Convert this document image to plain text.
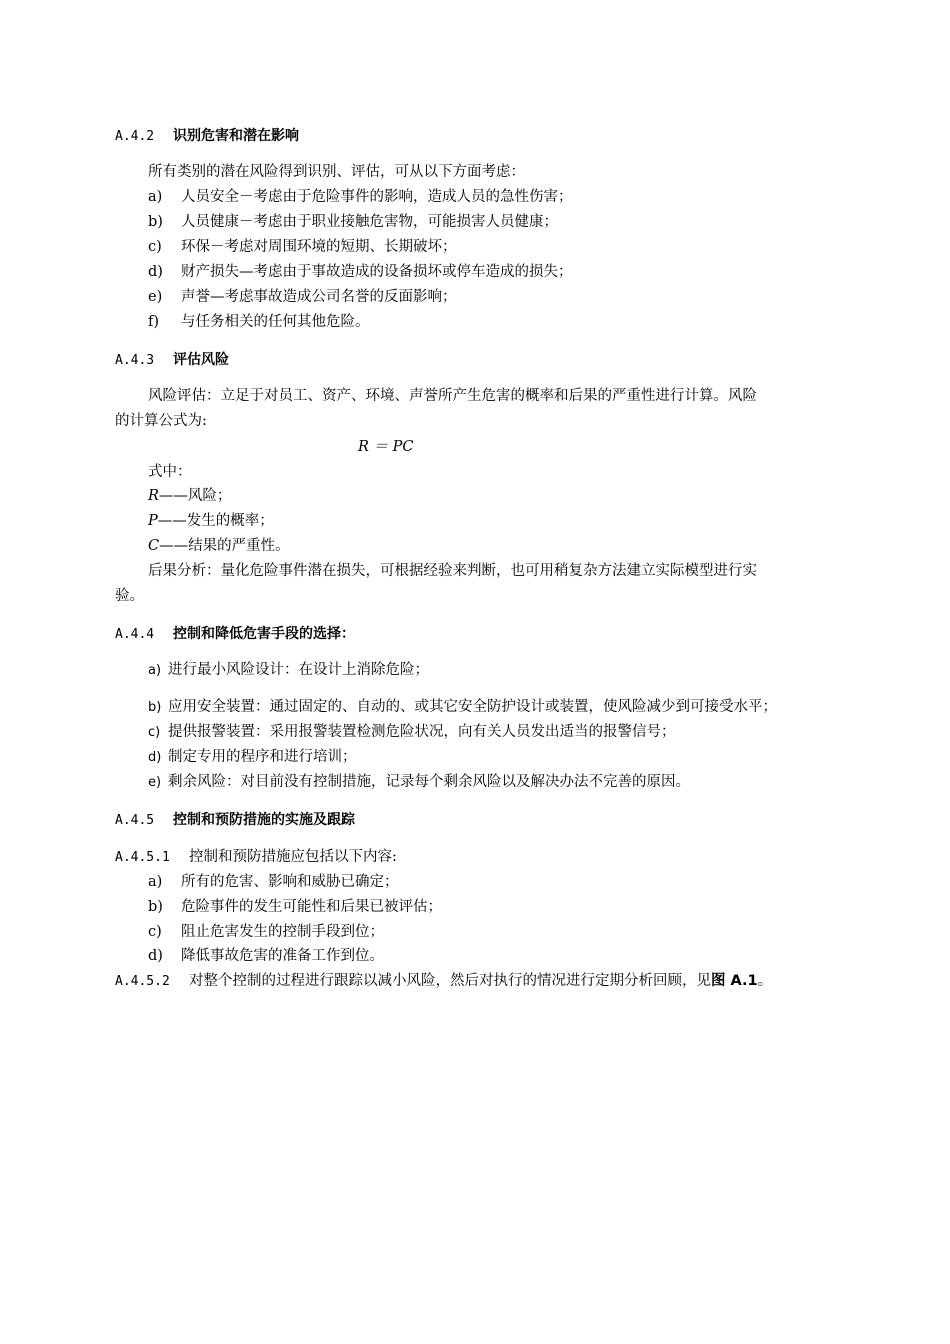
A.4.2 识别危害和潜在影响
所有类别的潜在风险得到识别、评估，可从以下方面考虑：
a) 人员安全－考虑由于危险事件的影响，造成人员的急性伤害；
b) 人员健康－考虑由于职业接触危害物，可能损害人员健康；
c) 环保－考虑对周围环境的短期、长期破坏；
d) 财产损失—考虑由于事故造成的设备损坏或停车造成的损失；
e) 声誉—考虑事故造成公司名誉的反面影响；
f) 与任务相关的任何其他危险。
A.4.3 评估风险
风险评估：立足于对员工、资产、环境、声誉所产生危害的概率和后果的严重性进行计算。风险
的计算公式为:
R ＝ PC
式中：
R——风险；
P——发生的概率；
C——结果的严重性。
后果分析：量化危险事件潜在损失，可根据经验来判断，也可用稍复杂方法建立实际模型进行实
验。
A.4.4 控制和降低危害手段的选择：
a) 进行最小风险设计：在设计上消除危险；
b) 应用安全装置：通过固定的、自动的、或其它安全防护设计或装置，使风险减少到可接受水平；
c) 提供报警装置：采用报警装置检测危险状况，向有关人员发出适当的报警信号；
d) 制定专用的程序和进行培训；
e) 剩余风险：对目前没有控制措施，记录每个剩余风险以及解决办法不完善的原因。
A.4.5 控制和预防措施的实施及跟踪
A.4.5.1 控制和预防措施应包括以下内容:
a) 所有的危害、影响和威胁已确定；
b) 危险事件的发生可能性和后果已被评估；
c) 阻止危害发生的控制手段到位；
d) 降低事故危害的准备工作到位。
A.4.5.2 对整个控制的过程进行跟踪以减小风险，然后对执行的情况进行定期分析回顾，见图 A.1。
